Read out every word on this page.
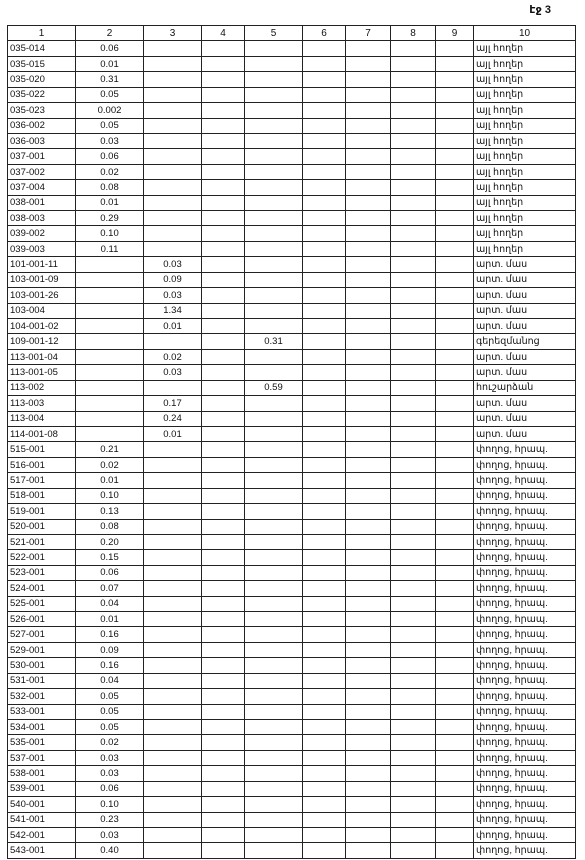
էջ 3
1	2	3	4	5	6	7	8	9	10
035-014	0.06								այլ հողեր
035-015	0.01								այլ հողեր
035-020	0.31								այլ հողեր
035-022	0.05								այլ հողեր
035-023	0.002								այլ հողեր
036-002	0.05								այլ հողեր
036-003	0.03								այլ հողեր
037-001	0.06								այլ հողեր
037-002	0.02								այլ հողեր
037-004	0.08								այլ հողեր
038-001	0.01								այլ հողեր
038-003	0.29								այլ հողեր
039-002	0.10								այլ հողեր
039-003	0.11								այլ հողեր
101-001-11		0.03							արտ. մաս
103-001-09		0.09							արտ. մաս
103-001-26		0.03							արտ. մաս
103-004		1.34							արտ. մաս
104-001-02		0.01							արտ. մաս
109-001-12				0.31					գերեզմանոց
113-001-04		0.02							արտ. մաս
113-001-05		0.03							արտ. մաս
113-002				0.59					հուշարձան
113-003		0.17							արտ. մաս
113-004		0.24							արտ. մաս
114-001-08		0.01							արտ. մաս
515-001	0.21								փողոց, հրապ.
516-001	0.02								փողոց, հրապ.
517-001	0.01								փողոց, հրապ.
518-001	0.10								փողոց, հրապ.
519-001	0.13								փողոց, հրապ.
520-001	0.08								փողոց, հրապ.
521-001	0.20								փողոց, հրապ.
522-001	0.15								փողոց, հրապ.
523-001	0.06								փողոց, հրապ.
524-001	0.07								փողոց, հրապ.
525-001	0.04								փողոց, հրապ.
526-001	0.01								փողոց, հրապ.
527-001	0.16								փողոց, հրապ.
529-001	0.09								փողոց, հրապ.
530-001	0.16								փողոց, հրապ.
531-001	0.04								փողոց, հրապ.
532-001	0.05								փողոց, հրապ.
533-001	0.05								փողոց, հրապ.
534-001	0.05								փողոց, հրապ.
535-001	0.02								փողոց, հրապ.
537-001	0.03								փողոց, հրապ.
538-001	0.03								փողոց, հրապ.
539-001	0.06								փողոց, հրապ.
540-001	0.10								փողոց, հրապ.
541-001	0.23								փողոց, հրապ.
542-001	0.03								փողոց, հրապ.
543-001	0.40								փողոց, հրապ.
